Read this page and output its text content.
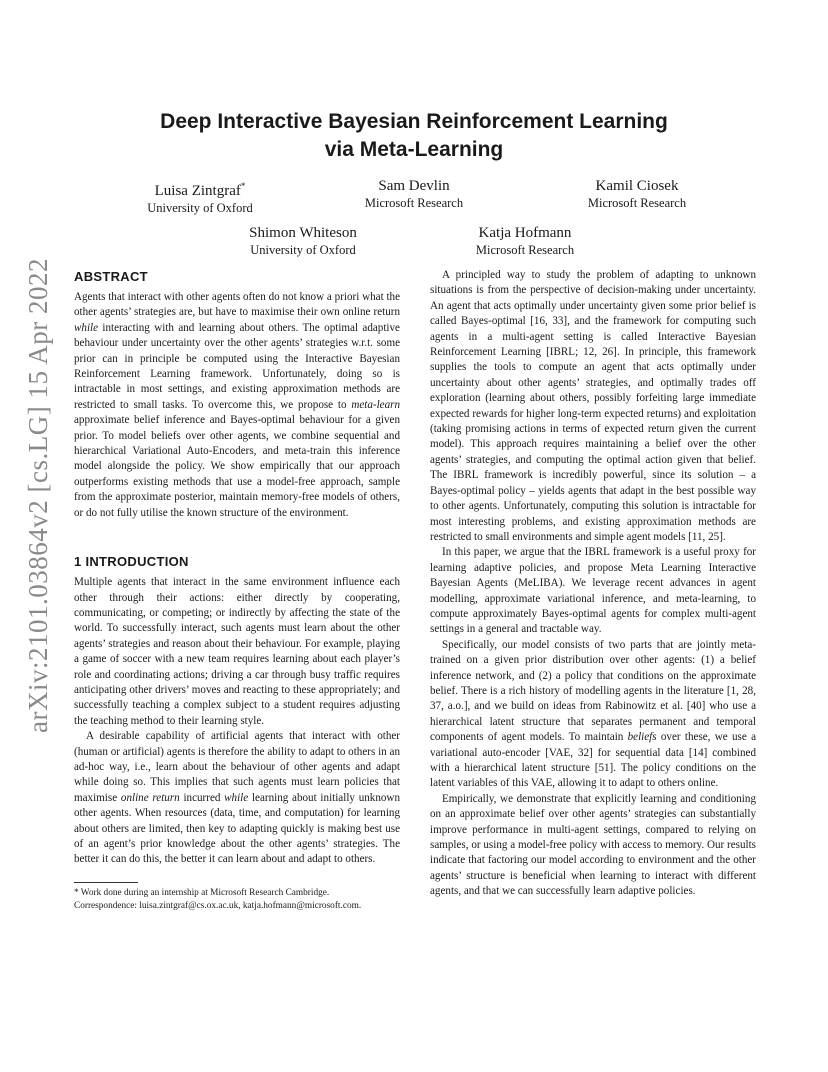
arXiv:2101.03864v2 [cs.LG] 15 Apr 2022
Deep Interactive Bayesian Reinforcement Learning
via Meta-Learning
Luisa Zintgraf*
University of Oxford
Sam Devlin
Microsoft Research
Kamil Ciosek
Microsoft Research
Shimon Whiteson
University of Oxford
Katja Hofmann
Microsoft Research
ABSTRACT

Agents that interact with other agents often do not know a priori what the other agents’ strategies are, but have to maximise their own online return while interacting with and learning about others. The optimal adaptive behaviour under uncertainty over the other agents’ strategies w.r.t. some prior can in principle be computed using the Interactive Bayesian Reinforcement Learning framework. Unfortunately, doing so is intractable in most settings, and existing approximation methods are restricted to small tasks. To overcome this, we propose to meta-learn approximate belief inference and Bayes-optimal behaviour for a given prior. To model beliefs over other agents, we combine sequential and hierarchical Variational Auto-Encoders, and meta-train this inference model alongside the policy. We show empirically that our approach outperforms existing methods that use a model-free approach, sample from the approximate posterior, maintain memory-free models of others, or do not fully utilise the known structure of the environment.

1 INTRODUCTION

Multiple agents that interact in the same environment influence each other through their actions: either directly by cooperating, communicating, or competing; or indirectly by affecting the state of the world. To successfully interact, such agents must learn about the other agents’ strategies and reason about their behaviour. For example, playing a game of soccer with a new team requires learning about each player’s role and coordinating actions; driving a car through busy traffic requires anticipating other drivers’ moves and reacting to these appropriately; and successfully teaching a complex subject to a student requires adjusting the teaching method to their learning style.

A desirable capability of artificial agents that interact with other (human or artificial) agents is therefore the ability to adapt to others in an ad-hoc way, i.e., learn about the behaviour of other agents and adapt while doing so. This implies that such agents must learn policies that maximise online return incurred while learning about initially unknown other agents. When resources (data, time, and computation) for learning about others are limited, then key to adapting quickly is making best use of an agent’s prior knowledge about the other agents’ strategies. The better it can do this, the better it can learn about and adapt to others.

* Work done during an internship at Microsoft Research Cambridge.
Correspondence: luisa.zintgraf@cs.ox.ac.uk, katja.hofmann@microsoft.com.

A principled way to study the problem of adapting to unknown situations is from the perspective of decision-making under uncertainty. An agent that acts optimally under uncertainty given some prior belief is called Bayes-optimal [16, 33], and the framework for computing such agents in a multi-agent setting is called Interactive Bayesian Reinforcement Learning [IBRL; 12, 26]. In principle, this framework supplies the tools to compute an agent that acts optimally under uncertainty about other agents’ strategies, and optimally trades off exploration (learning about others, possibly forfeiting large immediate expected rewards for higher long-term expected returns) and exploitation (taking promising actions in terms of expected return given the current model). This approach requires maintaining a belief over the other agents’ strategies, and computing the optimal action given that belief. The IBRL framework is incredibly powerful, since its solution – a Bayes-optimal policy – yields agents that adapt in the best possible way to other agents. Unfortunately, computing this solution is intractable for most interesting problems, and existing approximation methods are restricted to small environments and simple agent models [11, 25].

In this paper, we argue that the IBRL framework is a useful proxy for learning adaptive policies, and propose Meta Learning Interactive Bayesian Agents (MeLIBA). We leverage recent advances in agent modelling, approximate variational inference, and meta-learning, to compute approximately Bayes-optimal agents for complex multi-agent settings in a general and tractable way.

Specifically, our model consists of two parts that are jointly meta-trained on a given prior distribution over other agents: (1) a belief inference network, and (2) a policy that conditions on the approximate belief. There is a rich history of modelling agents in the literature [1, 28, 37, a.o.], and we build on ideas from Rabinowitz et al. [40] who use a hierarchical latent structure that separates permanent and temporal components of agent models. To maintain beliefs over these, we use a variational auto-encoder [VAE, 32] for sequential data [14] combined with a hierarchical latent structure [51]. The policy conditions on the latent variables of this VAE, allowing it to adapt to others online.

Empirically, we demonstrate that explicitly learning and conditioning on an approximate belief over other agents’ strategies can substantially improve performance in multi-agent settings, compared to relying on samples, or using a model-free policy with access to memory. Our results indicate that factoring our model according to environment and the other agents’ structure is beneficial when learning to interact with different agents, and that we can successfully learn adaptive policies.
